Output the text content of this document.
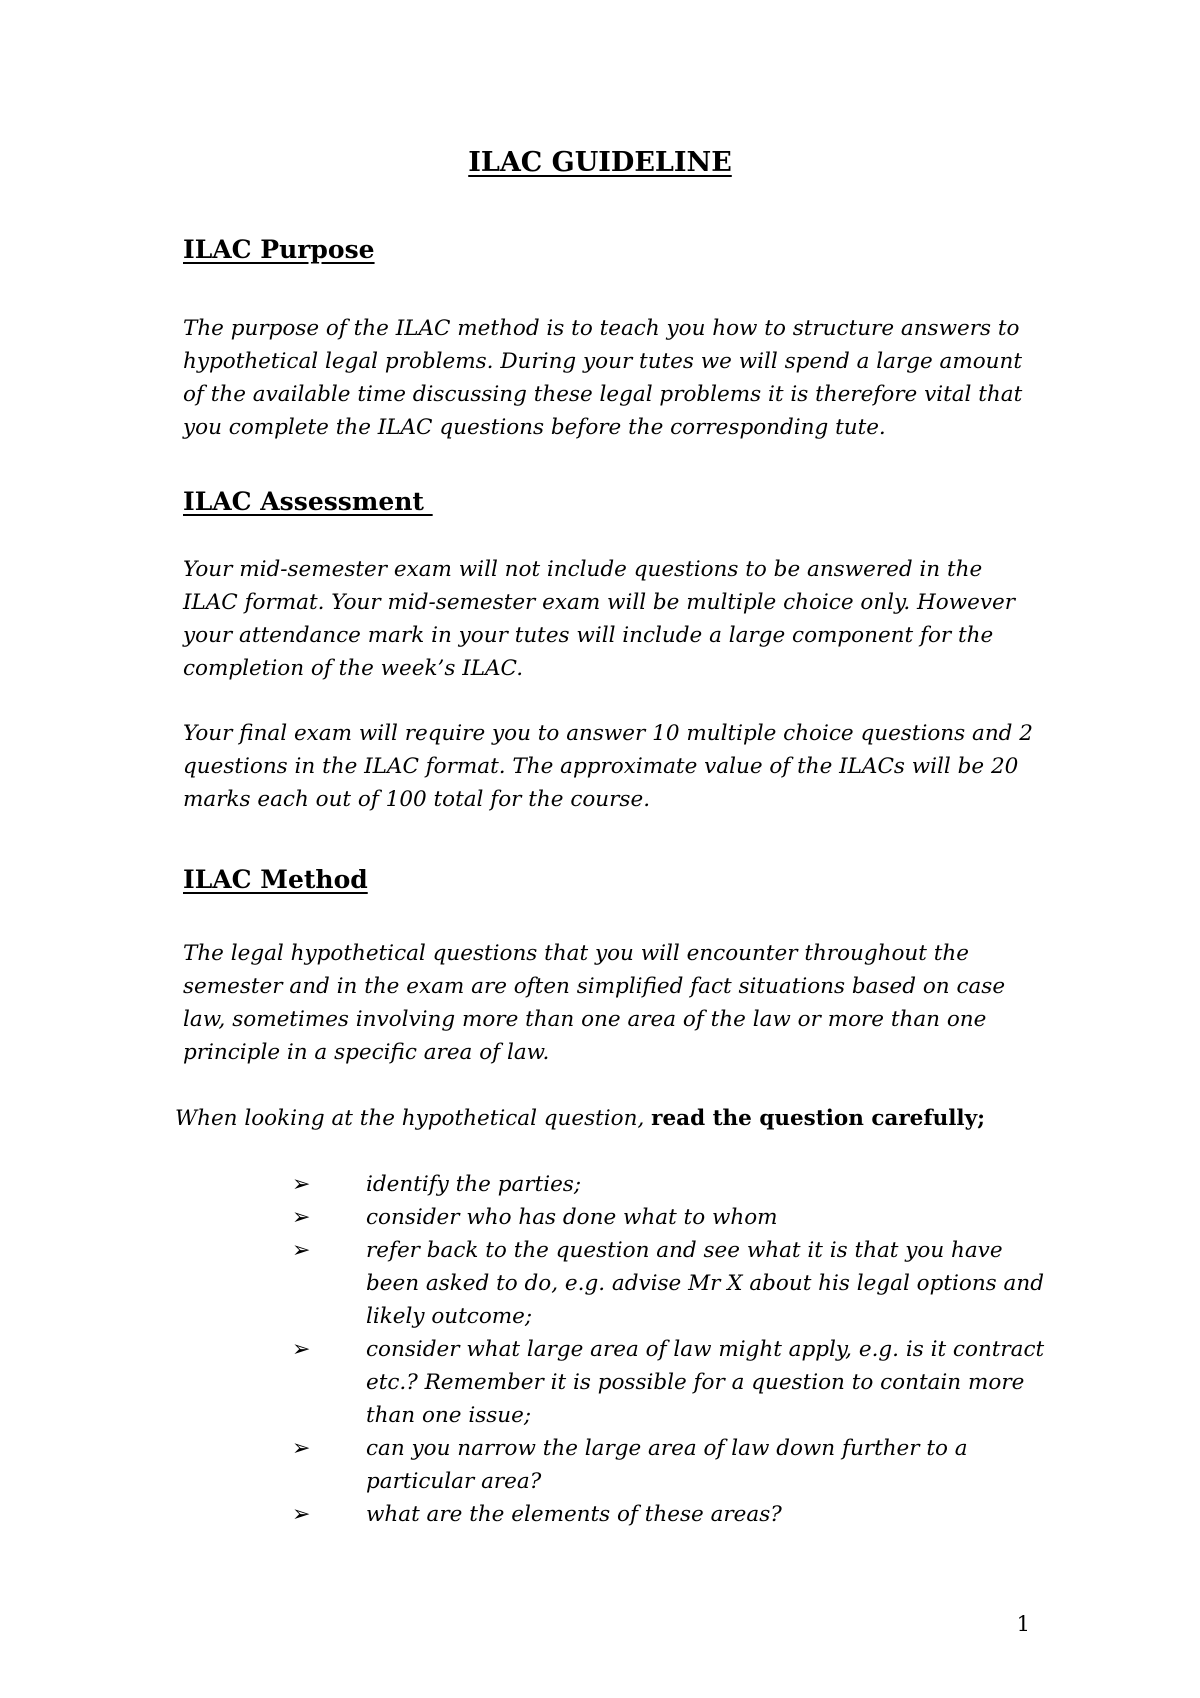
ILAC GUIDELINE
ILAC Purpose

The purpose of the ILAC method is to teach you how to structure answers to hypothetical legal problems. During your tutes we will spend a large amount of the available time discussing these legal problems it is therefore vital that you complete the ILAC questions before the corresponding tute.

ILAC Assessment

Your mid-semester exam will not include questions to be answered in the ILAC format. Your mid-semester exam will be multiple choice only. However your attendance mark in your tutes will include a large component for the completion of the week’s ILAC.

Your final exam will require you to answer 10 multiple choice questions and 2 questions in the ILAC format. The approximate value of the ILACs will be 20 marks each out of 100 total for the course.

ILAC Method

The legal hypothetical questions that you will encounter throughout the semester and in the exam are often simplified fact situations based on case law, sometimes involving more than one area of the law or more than one principle in a specific area of law.

When looking at the hypothetical question, read the question carefully;
➢	identify the parties;
➢	consider who has done what to whom
➢	refer back to the question and see what it is that you have been asked to do, e.g. advise Mr X about his legal options and likely outcome;
➢	consider what large area of law might apply, e.g. is it contract etc.? Remember it is possible for a question to contain more than one issue;
➢	can you narrow the large area of law down further to a particular area?
➢	what are the elements of these areas?
1
